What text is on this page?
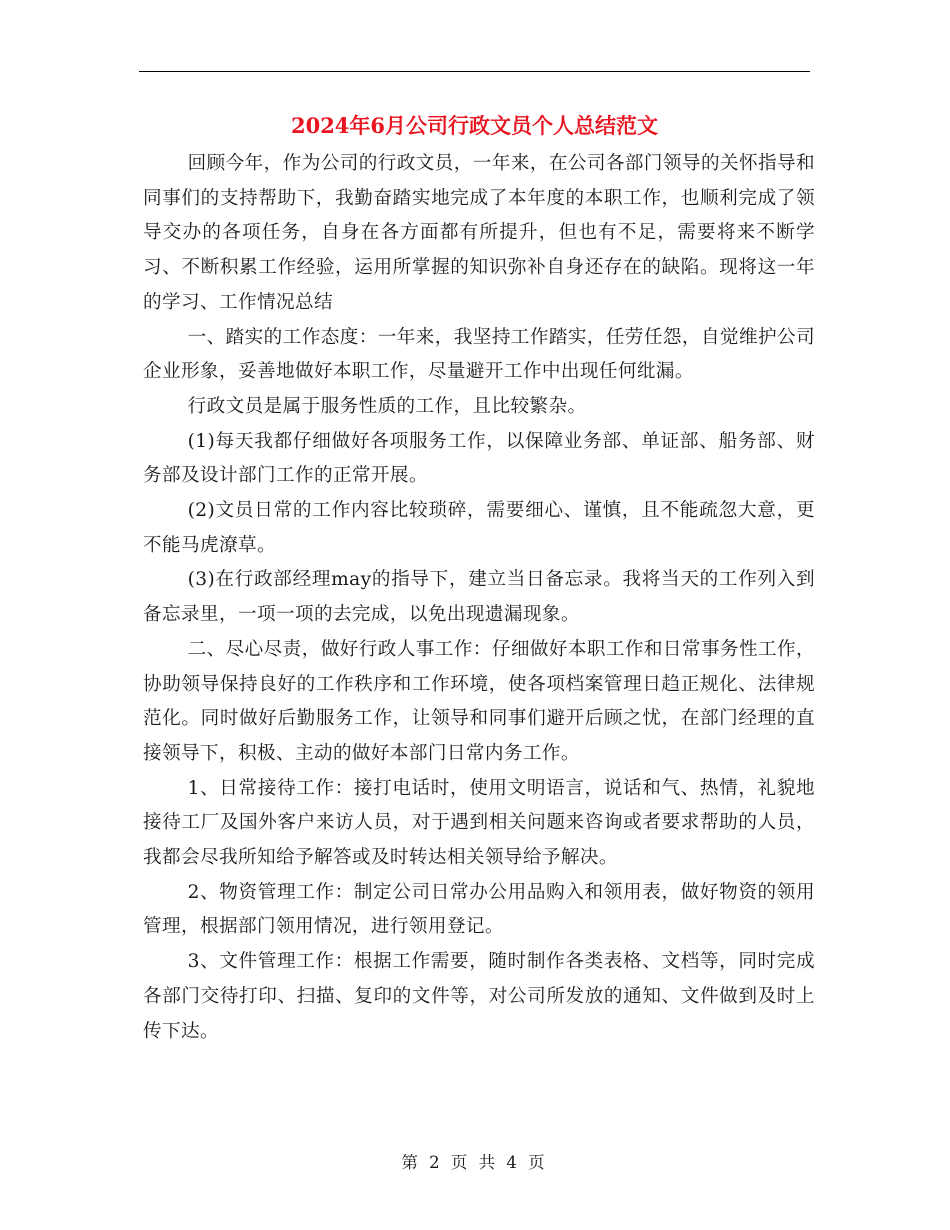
2024年6月公司行政文员个人总结范文

回顾今年，作为公司的行政文员，一年来，在公司各部门领导的关怀指导和同事们的支持帮助下，我勤奋踏实地完成了本年度的本职工作，也顺利完成了领导交办的各项任务，自身在各方面都有所提升，但也有不足，需要将来不断学习、不断积累工作经验，运用所掌握的知识弥补自身还存在的缺陷。现将这一年的学习、工作情况总结

一、踏实的工作态度：一年来，我坚持工作踏实，任劳任怨，自觉维护公司企业形象，妥善地做好本职工作，尽量避开工作中出现任何纰漏。

行政文员是属于服务性质的工作，且比较繁杂。

(1)每天我都仔细做好各项服务工作，以保障业务部、单证部、船务部、财务部及设计部门工作的正常开展。

(2)文员日常的工作内容比较琐碎，需要细心、谨慎，且不能疏忽大意，更不能马虎潦草。

(3)在行政部经理may的指导下，建立当日备忘录。我将当天的工作列入到备忘录里，一项一项的去完成，以免出现遗漏现象。

二、尽心尽责，做好行政人事工作：仔细做好本职工作和日常事务性工作，协助领导保持良好的工作秩序和工作环境，使各项档案管理日趋正规化、法律规范化。同时做好后勤服务工作，让领导和同事们避开后顾之忧，在部门经理的直接领导下，积极、主动的做好本部门日常内务工作。

1、日常接待工作：接打电话时，使用文明语言，说话和气、热情，礼貌地接待工厂及国外客户来访人员，对于遇到相关问题来咨询或者要求帮助的人员，我都会尽我所知给予解答或及时转达相关领导给予解决。

2、物资管理工作：制定公司日常办公用品购入和领用表，做好物资的领用管理，根据部门领用情况，进行领用登记。

3、文件管理工作：根据工作需要，随时制作各类表格、文档等，同时完成各部门交待打印、扫描、复印的文件等，对公司所发放的通知、文件做到及时上传下达。

第 2 页 共 4 页
